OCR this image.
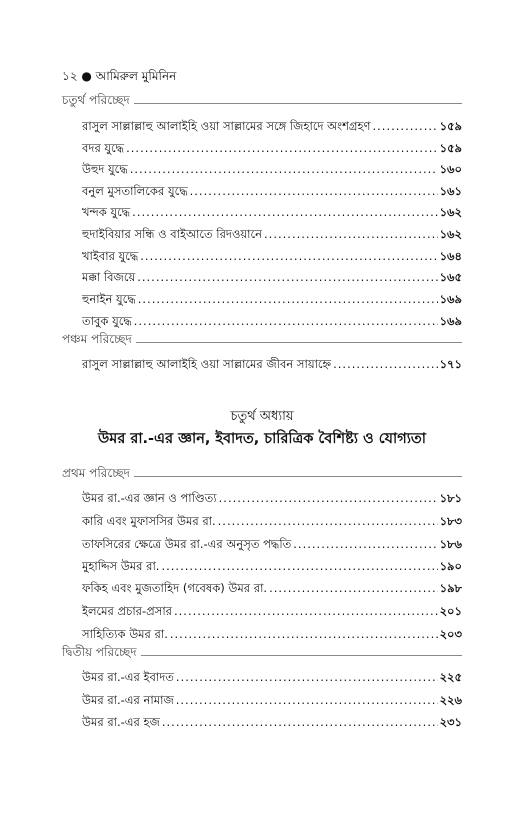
১২ ● আমিরুল মুমিনিন
চতুর্থ পরিচ্ছেদ
রাসুল সাল্লাল্লাহু আলাইহি ওয়া সাল্লামের সঙ্গে জিহাদে অংশগ্রহণ .....	১৫৯
বদর যুদ্ধে .....	১৫৯
উহুদ যুদ্ধে .....	১৬০
বনুল মুসতালিকের যুদ্ধে .....	১৬১
খন্দক যুদ্ধে .....	১৬২
হুদাইবিয়ার সন্ধি ও বাইআতে রিদওয়ানে .....	১৬২
খাইবার যুদ্ধে .....	১৬৪
মক্কা বিজয়ে .....	১৬৫
হুনাইন যুদ্ধে .....	১৬৯
তাবুক যুদ্ধে .....	১৬৯
পঞ্চম পরিচ্ছেদ
রাসুল সাল্লাল্লাহু আলাইহি ওয়া সাল্লামের জীবন সায়াহ্নে .....	১৭১
চতুর্থ অধ্যায়
উমর রা.-এর জ্ঞান, ইবাদত, চারিত্রিক বৈশিষ্ট্য ও যোগ্যতা
প্রথম পরিচ্ছেদ
উমর রা.-এর জ্ঞান ও পাণ্ডিত্য .....	১৮১
কারি এবং মুফাসসির উমর রা. .....	১৮৩
তাফসিরের ক্ষেত্রে উমর রা.-এর অনুসৃত পদ্ধতি .....	১৮৬
মুহাদ্দিস উমর রা. .....	১৯০
ফকিহ এবং মুজতাহিদ (গবেষক) উমর রা. .....	১৯৮
ইলমের প্রচার-প্রসার .....	২০১
সাহিত্যিক উমর রা. .....	২০৩
দ্বিতীয় পরিচ্ছেদ
উমর রা.-এর ইবাদত .....	২২৫
উমর রা.-এর নামাজ .....	২২৬
উমর রা.-এর হজ .....	২৩১
